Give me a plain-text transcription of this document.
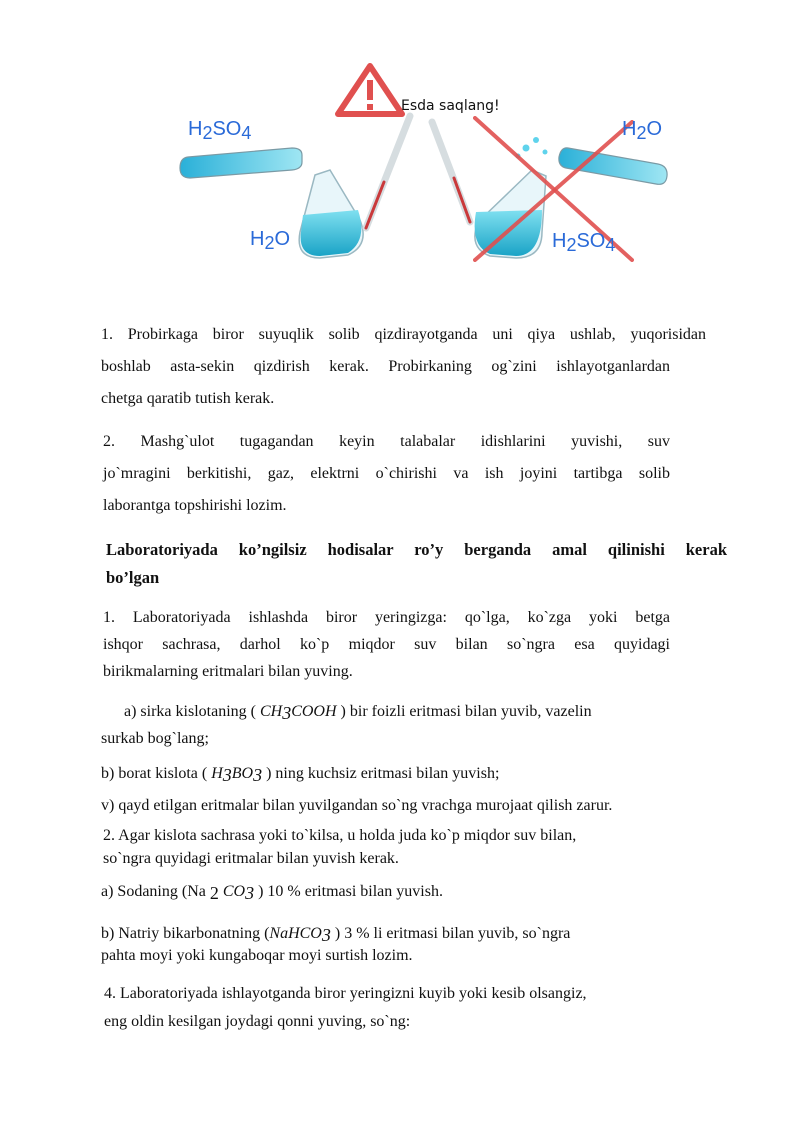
$H_2SO_4$
$H_2O$
$H_2O$
$H_2SO_4$
Esda saqlang!
1. Probirkaga biror suyuqlik solib qizdirayotganda uni qiya ushlab, yuqorisidan
boshlab asta-sekin qizdirish kerak. Probirkaning og`zini ishlayotganlardan
chetga qaratib tutish kerak.
2. Mashg`ulot tugagandan keyin talabalar idishlarini yuvishi, suv
jo`mragini berkitishi, gaz, elektrni o`chirishi va ish joyini tartibga solib
laborantga topshirishi lozim.
Laboratoriyada ko’ngilsiz hodisalar ro’y berganda amal qilinishi kerak
bo’lgan
1. Laboratoriyada ishlashda biror yeringizga: qo`lga, ko`zga yoki betga
ishqor sachrasa, darhol ko`p miqdor suv bilan so`ngra esa quyidagi
birikmalarning eritmalari bilan yuving.
a) sirka kislotaning ( CH3COOH ) bir foizli eritmasi bilan yuvib, vazelin
surkab bog`lang;
b) borat kislota ( H3BO3 ) ning kuchsiz eritmasi bilan yuvish;
v) qayd etilgan eritmalar bilan yuvilgandan so`ng vrachga murojaat qilish zarur.
2. Agar kislota sachrasa yoki to`kilsa, u holda juda ko`p miqdor suv bilan,
so`ngra quyidagi eritmalar bilan yuvish kerak.
a) Sodaning (Na 2 CO3 ) 10 % eritmasi bilan yuvish.
b) Natriy bikarbonatning (NaHCO3 ) 3 % li eritmasi bilan yuvib, so`ngra
pahta moyi yoki kungaboqar moyi surtish lozim.
4. Laboratoriyada ishlayotganda biror yeringizni kuyib yoki kesib olsangiz,
eng oldin kesilgan joydagi qonni yuving, so`ng:
